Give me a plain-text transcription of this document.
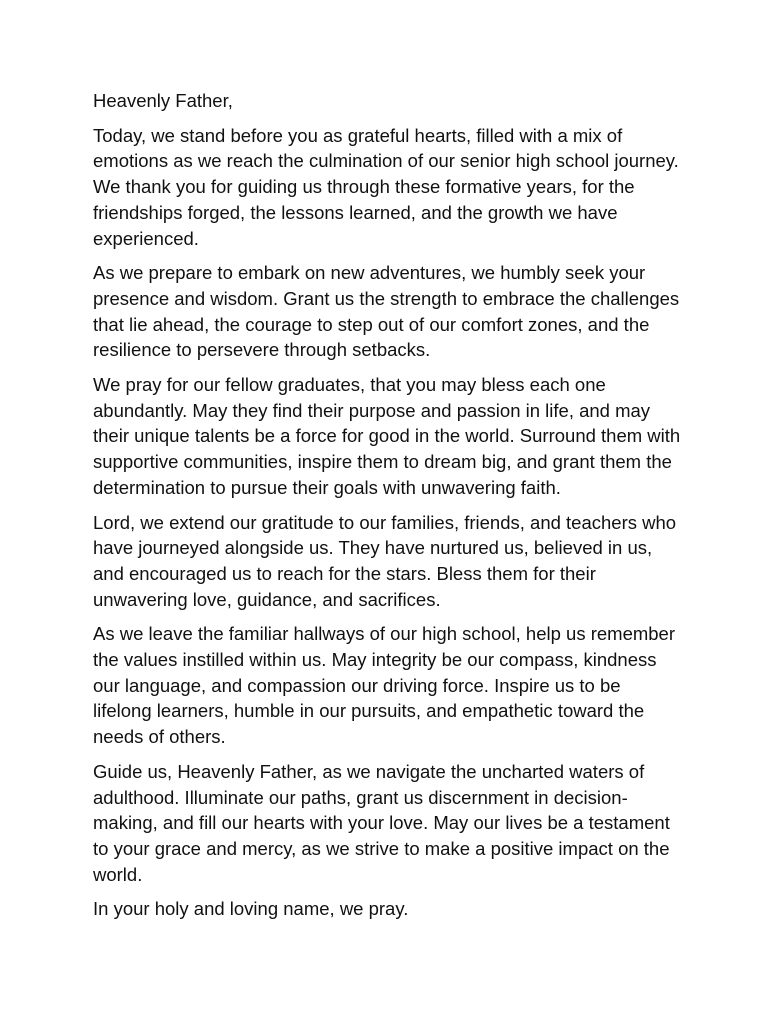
Heavenly Father,

Today, we stand before you as grateful hearts, filled with a mix of emotions as we reach the culmination of our senior high school journey. We thank you for guiding us through these formative years, for the friendships forged, the lessons learned, and the growth we have experienced.

As we prepare to embark on new adventures, we humbly seek your presence and wisdom. Grant us the strength to embrace the challenges that lie ahead, the courage to step out of our comfort zones, and the resilience to persevere through setbacks.

We pray for our fellow graduates, that you may bless each one abundantly. May they find their purpose and passion in life, and may their unique talents be a force for good in the world. Surround them with supportive communities, inspire them to dream big, and grant them the determination to pursue their goals with unwavering faith.

Lord, we extend our gratitude to our families, friends, and teachers who have journeyed alongside us. They have nurtured us, believed in us, and encouraged us to reach for the stars. Bless them for their unwavering love, guidance, and sacrifices.

As we leave the familiar hallways of our high school, help us remember the values instilled within us. May integrity be our compass, kindness our language, and compassion our driving force. Inspire us to be lifelong learners, humble in our pursuits, and empathetic toward the needs of others.

Guide us, Heavenly Father, as we navigate the uncharted waters of adulthood. Illuminate our paths, grant us discernment in decision-making, and fill our hearts with your love. May our lives be a testament to your grace and mercy, as we strive to make a positive impact on the world.

In your holy and loving name, we pray.
